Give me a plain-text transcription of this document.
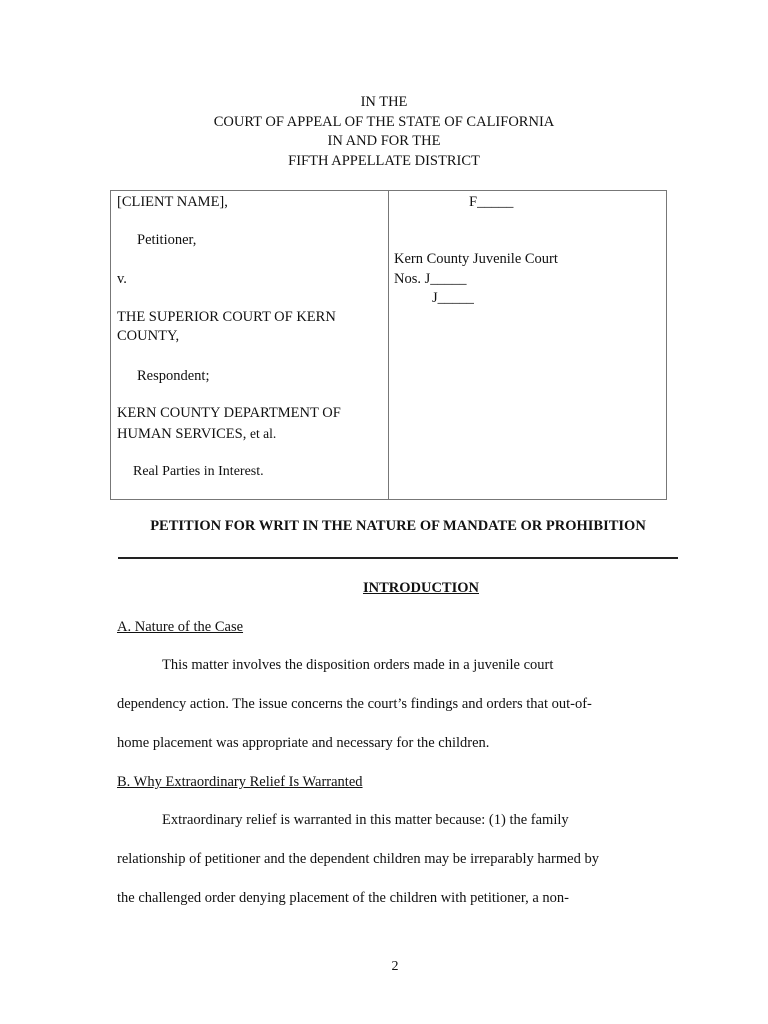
IN THE
COURT OF APPEAL OF THE STATE OF CALIFORNIA
IN AND FOR THE
FIFTH APPELLATE DISTRICT
[CLIENT NAME],
Petitioner,
v.
THE SUPERIOR COURT OF KERN
COUNTY,
Respondent;
KERN COUNTY DEPARTMENT OF
HUMAN SERVICES, et al.
Real Parties in Interest.
F_____
Kern County Juvenile Court
Nos. J_____
J_____
PETITION FOR WRIT IN THE NATURE OF MANDATE OR PROHIBITION
INTRODUCTION
A. Nature of the Case
This matter involves the disposition orders made in a juvenile court
dependency action. The issue concerns the court’s findings and orders that out-of-
home placement was appropriate and necessary for the children.
B. Why Extraordinary Relief Is Warranted
Extraordinary relief is warranted in this matter because: (1) the family
relationship of petitioner and the dependent children may be irreparably harmed by
the challenged order denying placement of the children with petitioner, a non-
2
